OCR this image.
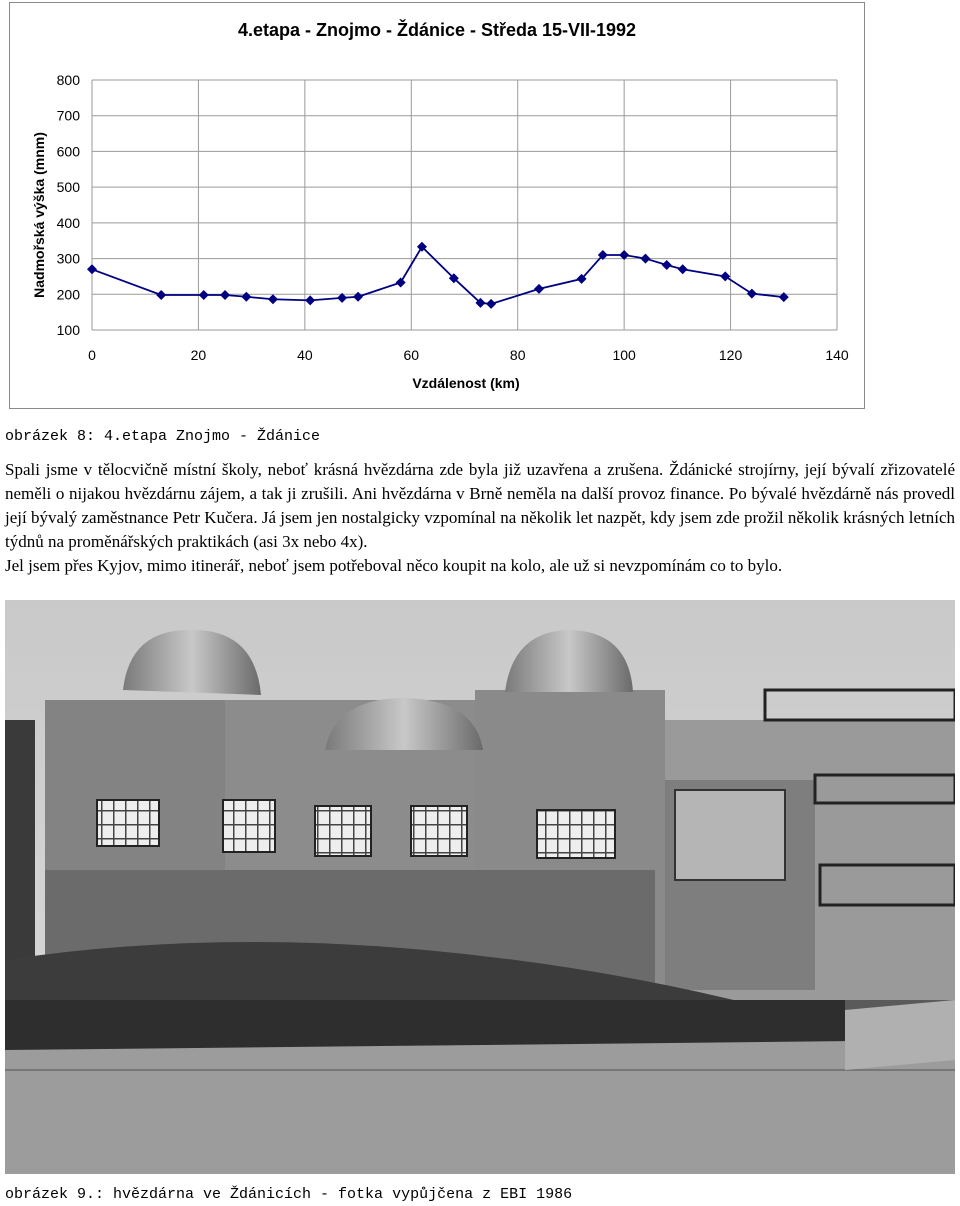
4.etapa - Znojmo - Ždánice - Středa 15-VII-1992
0	20	40	60	80	100	120	140
100
200
300
400
500
600
700
800
Vzdálenost (km)
Nadmořská výška (mnm)
obrázek 8: 4.etapa Znojmo - Ždánice

Spali jsme v tělocvičně místní školy, neboť krásná hvězdárna zde byla již uzavřena a zrušena. Ždánické strojírny, její bývalí zřizovatelé neměli o nijakou hvězdárnu zájem, a tak ji zrušili. Ani hvězdárna v Brně neměla na další provoz finance. Po bývalé hvězdárně nás provedl její bývalý zaměstnance Petr Kučera. Já jsem jen nostalgicky vzpomínal na několik let nazpět, kdy jsem zde prožil několik krásných letních týdnů na proměnářských praktikách (asi 3x nebo 4x).

Jel jsem přes Kyjov, mimo itinerář, neboť jsem potřeboval něco koupit na kolo, ale už si nevzpomínám co to bylo.

obrázek 9.: hvězdárna ve Ždánicích - fotka vypůjčena z EBI 1986
